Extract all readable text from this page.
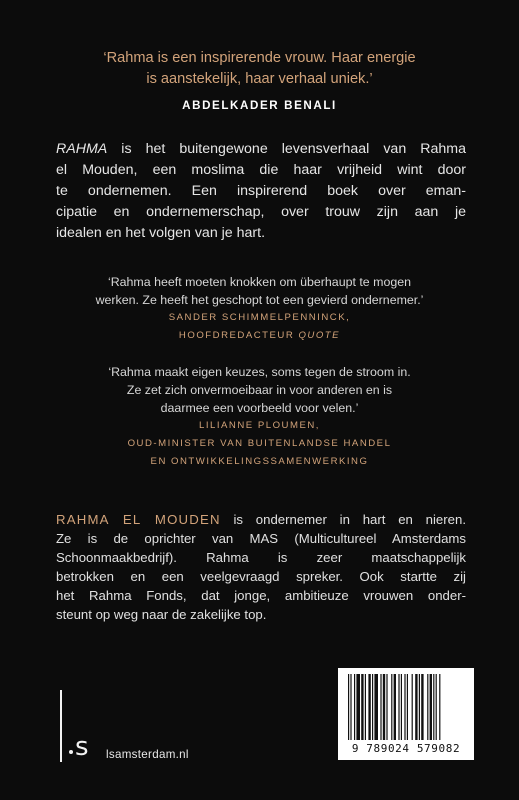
‘Rahma is een inspirerende vrouw. Haar energie

is aanstekelijk, haar verhaal uniek.’

ABDELKADER BENALI
RAHMA is het buitengewone levensverhaal van Rahma
el Mouden, een moslima die haar vrijheid wint door
te ondernemen. Een inspirerend boek over eman-
cipatie en ondernemerschap, over trouw zijn aan je
idealen en het volgen van je hart.

‘Rahma heeft moeten knokken om überhaupt te mogen

werken. Ze heeft het geschopt tot een gevierd ondernemer.’

SANDER SCHIMMELPENNINCK,

HOOFDREDACTEUR QUOTE

‘Rahma maakt eigen keuzes, soms tegen de stroom in.

Ze zet zich onvermoeibaar in voor anderen en is

daarmee een voorbeeld voor velen.’

LILIANNE PLOUMEN,

OUD-MINISTER VAN BUITENLANDSE HANDEL

EN ONTWIKKELINGSSAMENWERKING

RAHMA EL MOUDEN is ondernemer in hart en nieren.
Ze is de oprichter van MAS (Multicultureel Amsterdams
Schoonmaakbedrijf). Rahma is zeer maatschappelijk
betrokken en een veelgevraagd spreker. Ook startte zij
het Rahma Fonds, dat jonge, ambitieuze vrouwen onder-
steunt op weg naar de zakelijke top.
s lsamsterdam.nl	9 789024 579082
